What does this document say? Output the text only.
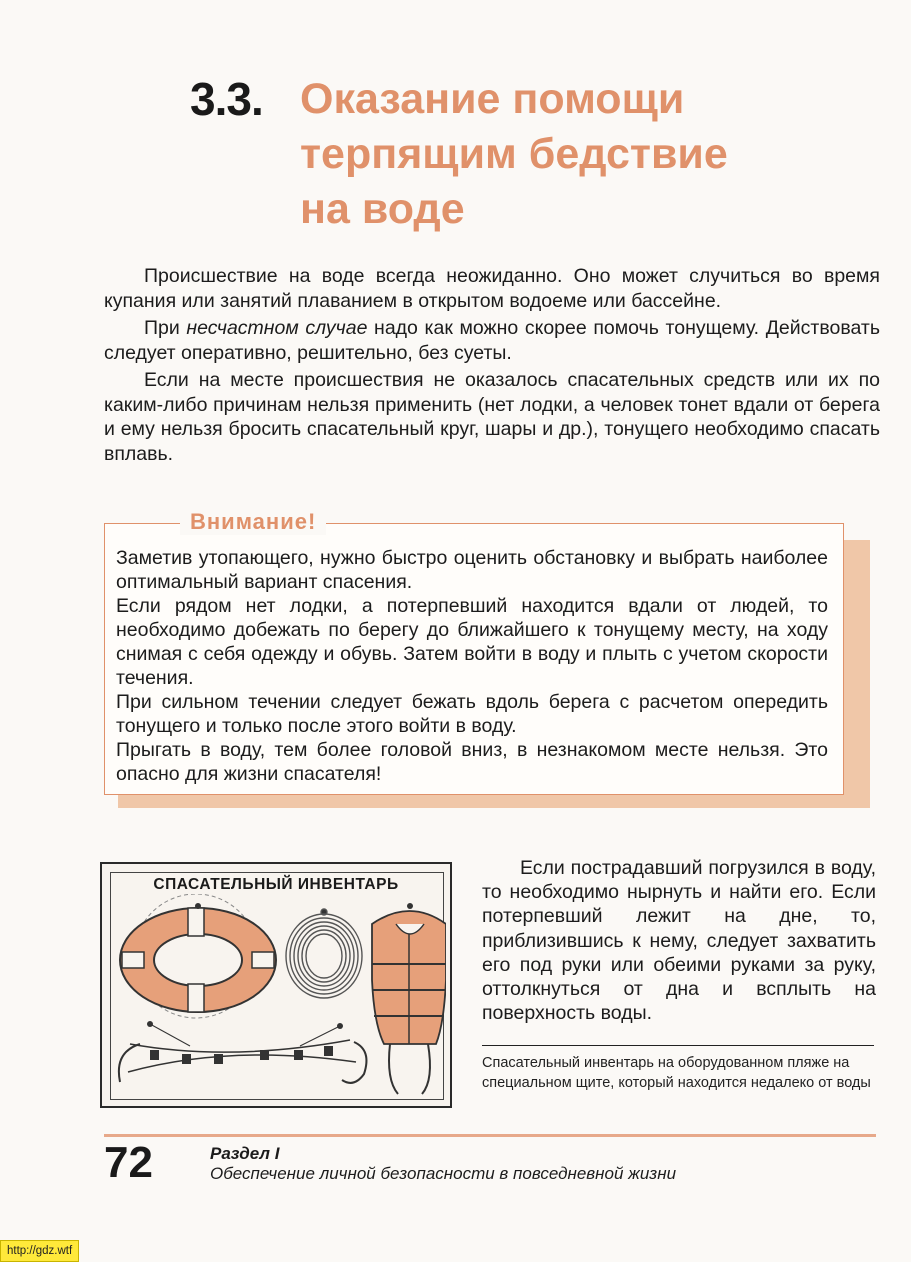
3.3. Оказание помощи
терпящим бедствие
на воде

Происшествие на воде всегда неожиданно. Оно может случиться во время купания или занятий плаванием в открытом водоеме или бассейне.

При несчастном случае надо как можно скорее помочь тонущему. Действовать следует оперативно, решительно, без суеты.

Если на месте происшествия не оказалось спасательных средств или их по каким-либо причинам нельзя применить (нет лодки, а человек тонет вдали от берега и ему нельзя бросить спасательный круг, шары и др.), тонущего необходимо спасать вплавь.

Внимание!

Заметив утопающего, нужно быстро оценить обстановку и выбрать наиболее оптимальный вариант спасения.

Если рядом нет лодки, а потерпевший находится вдали от людей, то необходимо добежать по берегу до ближайшего к тонущему месту, на ходу снимая с себя одежду и обувь. Затем войти в воду и плыть с учетом скорости течения.

При сильном течении следует бежать вдоль берега с расчетом опередить тонущего и только после этого войти в воду.

Прыгать в воду, тем более головой вниз, в незнакомом месте нельзя. Это опасно для жизни спасателя!

СПАСАТЕЛЬНЫЙ ИНВЕНТАРЬ

Если пострадавший погрузился в воду, то необходимо нырнуть и найти его. Если потерпевший лежит на дне, то, приблизившись к нему, следует захватить его под руки или обеими руками за руку, оттолкнуться от дна и всплыть на поверхность воды.

Спасательный инвентарь на оборудованном пляже на специальном щите, который находится недалеко от воды
72	Раздел I
Обеспечение личной безопасности в повседневной жизни
http://gdz.wtf
